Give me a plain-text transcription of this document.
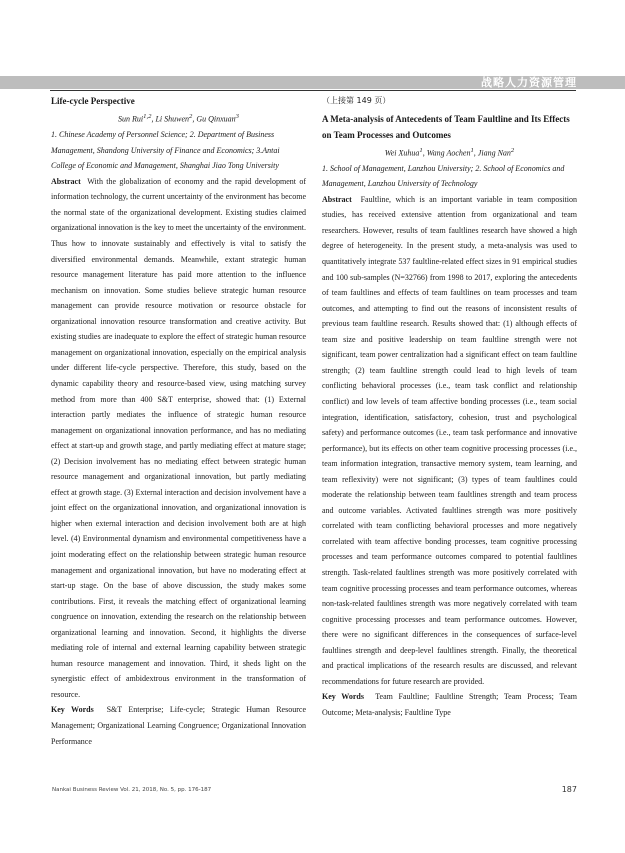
战略人力资源管理

Life-cycle Perspective

Sun Rui$^{1,2}$, Li Shuwen$^2$, Gu Qinxuan$^3$

1. Chinese Academy of Personnel Science; 2. Department of Business Management, Shandong University of Finance and Economics; 3.Antai College of Economic and Management, Shanghai Jiao Tong University

Abstract With the globalization of economy and the rapid development of information technology, the current uncertainty of the environment has become the normal state of the organizational development. Existing studies claimed organizational innovation is the key to meet the uncertainty of the environment. Thus how to innovate sustainably and effectively is vital to satisfy the diversified environmental demands. Meanwhile, extant strategic human resource management literature has paid more attention to the influence mechanism on innovation. Some studies believe strategic human resource management can provide resource motivation or resource obstacle for organizational innovation resource transformation and creative activity. But existing studies are inadequate to explore the effect of strategic human resource management on organizational innovation, especially on the empirical analysis under different life-cycle perspective. Therefore, this study, based on the dynamic capability theory and resource-based view, using matching survey method from more than 400 S&T enterprise, showed that: (1) External interaction partly mediates the influence of strategic human resource management on organizational innovation performance, and has no mediating effect at start-up and growth stage, and partly mediating effect at mature stage; (2) Decision involvement has no mediating effect between strategic human resource management and organizational innovation, but partly mediating effect at growth stage. (3) External interaction and decision involvement have a joint effect on the organizational innovation, and organizational innovation is higher when external interaction and decision involvement both are at high level. (4) Environmental dynamism and environmental competitiveness have a joint moderating effect on the relationship between strategic human resource management and organizational innovation, but have no moderating effect at start-up stage. On the base of above discussion, the study makes some contributions. First, it reveals the matching effect of organizational learning congruence on innovation, extending the research on the relationship between organizational learning and innovation. Second, it highlights the diverse mediating role of internal and external learning capability between strategic human resource management and innovation. Third, it sheds light on the synergistic effect of ambidextrous environment in the transformation of resource.

Key Words S&T Enterprise; Life-cycle; Strategic Human Resource Management; Organizational Learning Congruence; Organizational Innovation Performance

（上接第 149 页）

A Meta-analysis of Antecedents of Team Faultline and Its Effects on Team Processes and Outcomes

Wei Xuhua$^1$, Wang Aochen$^1$, Jiang Nan$^2$

1. School of Management, Lanzhou University; 2. School of Economics and Management, Lanzhou University of Technology

Abstract Faultline, which is an important variable in team composition studies, has received extensive attention from organizational and team researchers. However, results of team faultlines research have showed a high degree of heterogeneity. In the present study, a meta-analysis was used to quantitatively integrate 537 faultline-related effect sizes in 91 empirical studies and 100 sub-samples (N=32766) from 1998 to 2017, exploring the antecedents of team faultlines and effects of team faultlines on team processes and team outcomes, and attempting to find out the reasons of inconsistent results of previous team faultline research. Results showed that: (1) although effects of team size and positive leadership on team faultline strength were not significant, team power centralization had a significant effect on team faultline strength; (2) team faultline strength could lead to high levels of team conflicting behavioral processes (i.e., team task conflict and relationship conflict) and low levels of team affective bonding processes (i.e., team social integration, identification, satisfactory, cohesion, trust and psychological safety) and performance outcomes (i.e., team task performance and innovative performance), but its effects on other team cognitive processing processes (i.e., team information integration, transactive memory system, team learning, and team reflexivity) were not significant; (3) types of team faultlines could moderate the relationship between team faultlines strength and team process and outcome variables. Activated faultlines strength was more positively correlated with team conflicting behavioral processes and more negatively correlated with team affective bonding processes, team cognitive processing processes and team performance outcomes compared to potential faultlines strength. Task-related faultlines strength was more positively correlated with team cognitive processing processes and team performance outcomes, whereas non-task-related faultlines strength was more negatively correlated with team cognitive processing processes and team performance outcomes. However, there were no significant differences in the consequences of surface-level faultlines strength and deep-level faultlines strength. Finally, the theoretical and practical implications of the research results are discussed, and relevant recommendations for future research are provided.

Key Words Team Faultline; Faultline Strength; Team Process; Team Outcome; Meta-analysis; Faultline Type

Nankai Business Review Vol. 21, 2018, No. 5, pp. 176-187	187
